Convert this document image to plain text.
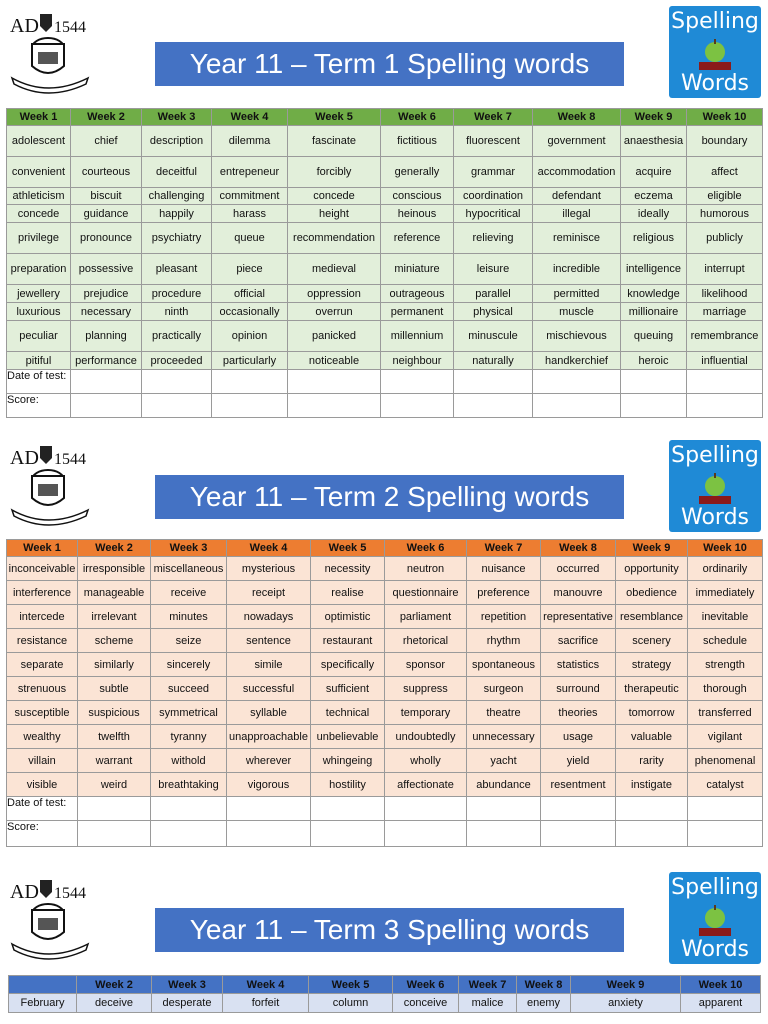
AD 1544
Year 11 – Term 1 Spelling words
Spelling
Words
Week 1	Week 2	Week 3	Week 4	Week 5	Week 6	Week 7	Week 8	Week 9	Week 10
adolescent	chief	description	dilemma	fascinate	fictitious	fluorescent	government	anaesthesia	boundary
convenient	courteous	deceitful	entrepeneur	forcibly	generally	grammar	accommodation	acquire	affect
athleticism	biscuit	challenging	commitment	concede	conscious	coordination	defendant	eczema	eligible
concede	guidance	happily	harass	height	heinous	hypocritical	illegal	ideally	humorous
privilege	pronounce	psychiatry	queue	recommendation	reference	relieving	reminisce	religious	publicly
preparation	possessive	pleasant	piece	medieval	miniature	leisure	incredible	intelligence	interrupt
jewellery	prejudice	procedure	official	oppression	outrageous	parallel	permitted	knowledge	likelihood
luxurious	necessary	ninth	occasionally	overrun	permanent	physical	muscle	millionaire	marriage
peculiar	planning	practically	opinion	panicked	millennium	minuscule	mischievous	queuing	remembrance
pitiful	performance	proceeded	particularly	noticeable	neighbour	naturally	handkerchief	heroic	influential
Date of test:									
Score:									
AD 1544
Year 11 – Term 2 Spelling words
Spelling
Words
Week 1	Week 2	Week 3	Week 4	Week 5	Week 6	Week 7	Week 8	Week 9	Week 10
inconceivable	irresponsible	miscellaneous	mysterious	necessity	neutron	nuisance	occurred	opportunity	ordinarily
interference	manageable	receive	receipt	realise	questionnaire	preference	manouvre	obedience	immediately
intercede	irrelevant	minutes	nowadays	optimistic	parliament	repetition	representative	resemblance	inevitable
resistance	scheme	seize	sentence	restaurant	rhetorical	rhythm	sacrifice	scenery	schedule
separate	similarly	sincerely	simile	specifically	sponsor	spontaneous	statistics	strategy	strength
strenuous	subtle	succeed	successful	sufficient	suppress	surgeon	surround	therapeutic	thorough
susceptible	suspicious	symmetrical	syllable	technical	temporary	theatre	theories	tomorrow	transferred
wealthy	twelfth	tyranny	unapproachable	unbelievable	undoubtedly	unnecessary	usage	valuable	vigilant
villain	warrant	withold	wherever	whingeing	wholly	yacht	yield	rarity	phenomenal
visible	weird	breathtaking	vigorous	hostility	affectionate	abundance	resentment	instigate	catalyst
Date of test:									
Score:									
AD 1544
Year 11 – Term 3 Spelling words
Spelling
Words
	Week 2	Week 3	Week 4	Week 5	Week 6	Week 7	Week 8	Week 9	Week 10
February	deceive	desperate	forfeit	column	conceive	malice	enemy	anxiety	apparent
